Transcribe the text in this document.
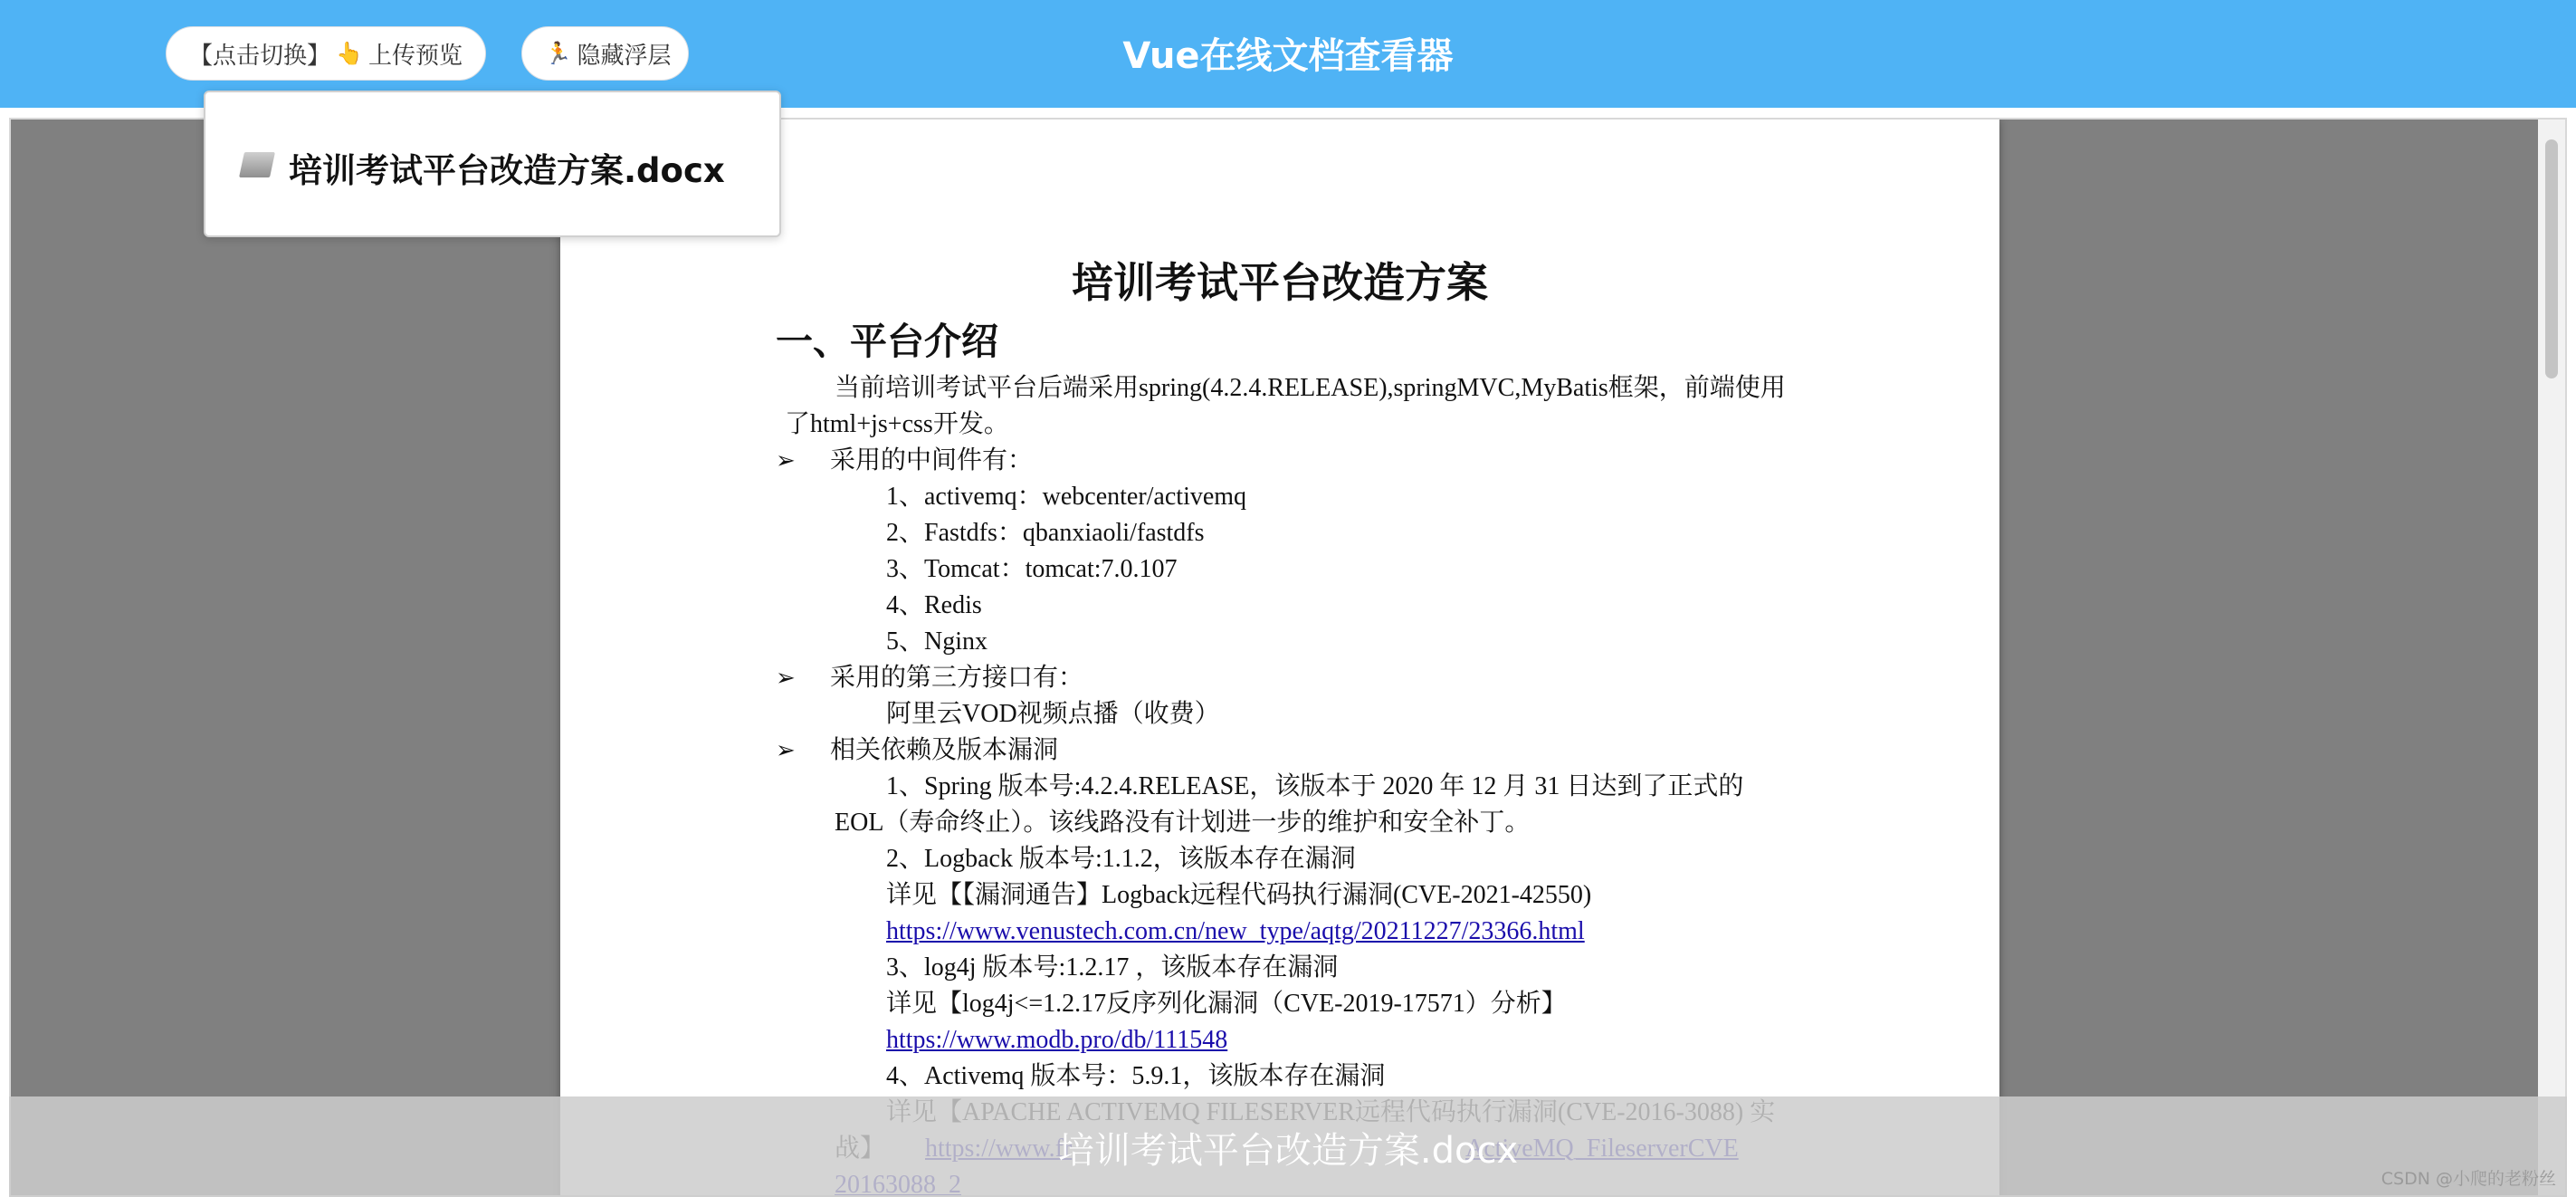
【点击切换】 👆 上传预览	🏃 隐藏浮层	Vue在线文档查看器
培训考试平台改造方案
一、平台介绍
当前培训考试平台后端采用spring(4.2.4.RELEASE),springMVC,MyBatis框架，前端使用
了html+js+css开发。
➢ 采用的中间件有：
1、activemq：webcenter/activemq
2、Fastdfs：qbanxiaoli/fastdfs
3、Tomcat：tomcat:7.0.107
4、Redis
5、Nginx
➢ 采用的第三方接口有：
阿里云VOD视频点播（收费）
➢ 相关依赖及版本漏洞
1、Spring 版本号:4.2.4.RELEASE，该版本于 2020 年 12 月 31 日达到了正式的
EOL（寿命终止）。该线路没有计划进一步的维护和安全补丁。
2、Logback 版本号:1.1.2，该版本存在漏洞
详见【【漏洞通告】Logback远程代码执行漏洞(CVE-2021-42550)
https://www.venustech.com.cn/new_type/aqtg/20211227/23366.html
3、log4j 版本号:1.2.17 ，该版本存在漏洞
详见【log4j<=1.2.17反序列化漏洞（CVE-2019-17571）分析】
https://www.modb.pro/db/111548
4、Activemq 版本号：5.9.1，该版本存在漏洞
培训考试平台改造方案.docx
培训考试平台改造方案.docx
CSDN @小爬的老粉丝
